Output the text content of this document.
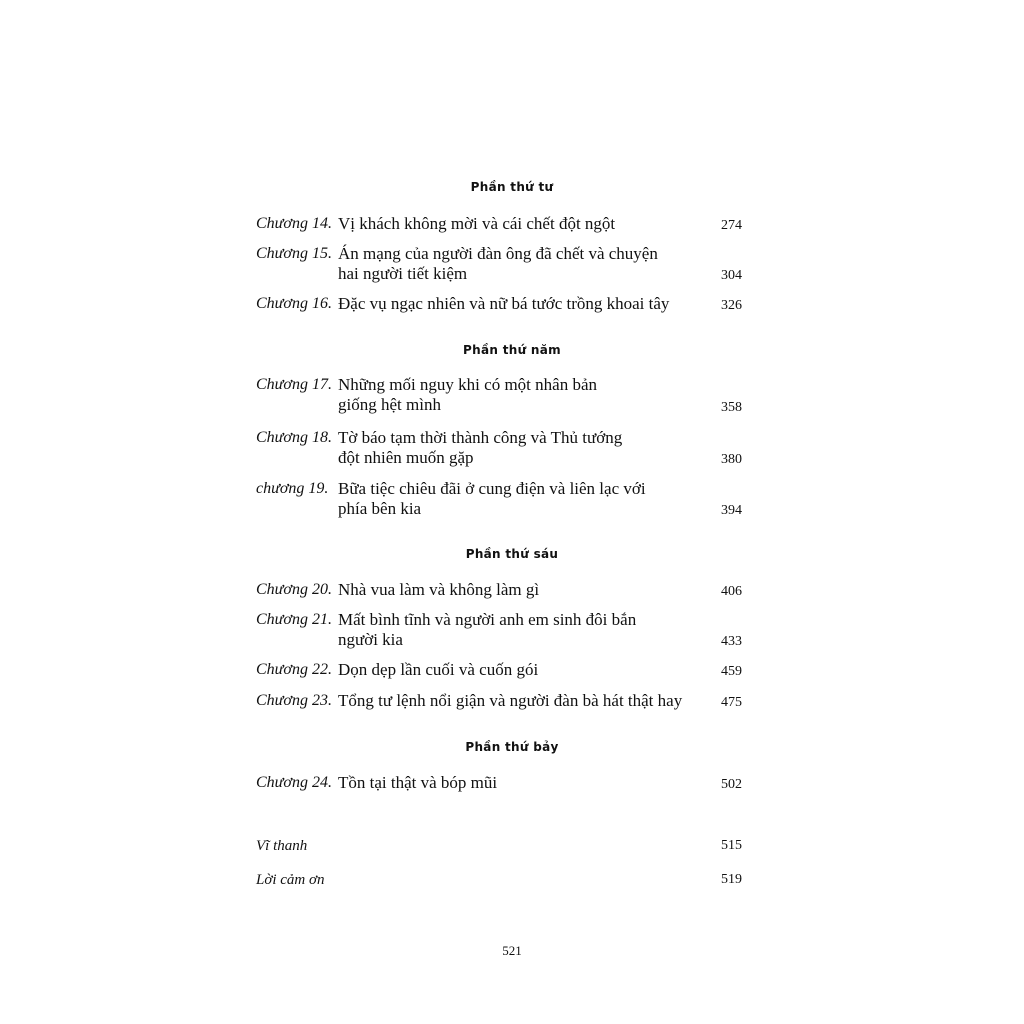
Phần thứ tư
Chương 14. Vị khách không mời và cái chết đột ngột	274
Chương 15. Án mạng của người đàn ông đã chết và chuyện
hai người tiết kiệm	304
Chương 16. Đặc vụ ngạc nhiên và nữ bá tước trồng khoai tây	326
Phần thứ năm
Chương 17. Những mối nguy khi có một nhân bản
giống hệt mình	358
Chương 18. Tờ báo tạm thời thành công và Thủ tướng
đột nhiên muốn gặp	380
chương 19. Bữa tiệc chiêu đãi ở cung điện và liên lạc với
phía bên kia	394
Phần thứ sáu
Chương 20. Nhà vua làm và không làm gì	406
Chương 21. Mất bình tĩnh và người anh em sinh đôi bắn
người kia	433
Chương 22. Dọn dẹp lần cuối và cuốn gói	459
Chương 23. Tổng tư lệnh nổi giận và người đàn bà hát thật hay	475
Phần thứ bảy
Chương 24. Tồn tại thật và bóp mũi	502
Vĩ thanh	515
Lời cảm ơn	519
521
